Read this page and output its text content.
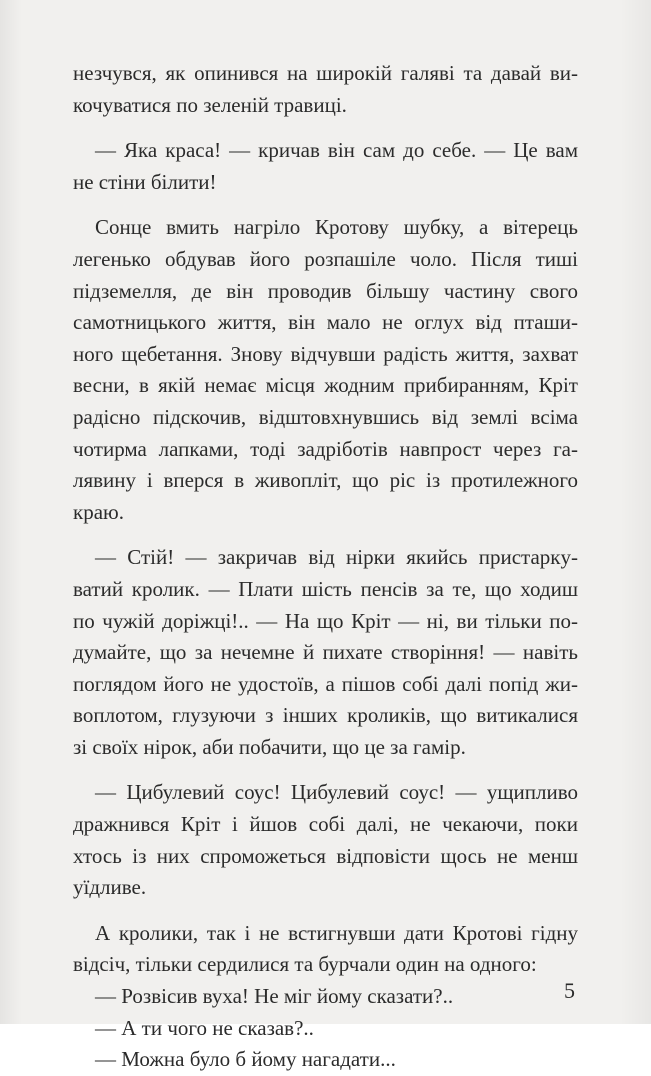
незчувся, як опинився на широкій галяві та давай ви-
кочуватися по зеленій травиці.
— Яка краса! — кричав він сам до себе. — Це вам
не стіни білити!
Сонце вмить нагріло Кротову шубку, а вітерець
легенько обдував його розпашіле чоло. Після тиші
підземелля, де він проводив більшу частину свого
самотницького життя, він мало не оглух від пташи-
ного щебетання. Знову відчувши радість життя, захват
весни, в якій немає місця жодним прибиранням, Кріт
радісно підскочив, відштовхнувшись від землі всіма
чотирма лапками, тоді задріботів навпрост через га-
лявину і вперся в живопліт, що ріс із протилежного
краю.
— Стій! — закричав від нірки якийсь пристаркy-
ватий кролик. — Плати шість пенсів за те, що ходиш
по чужій доріжці!.. — На що Кріт — ні, ви тільки по-
думайте, що за нечемне й пихате створіння! — навіть
поглядом його не удостоїв, а пішов собі далі попід жи-
вoплотом, глузуючи з інших кроликів, що витикалися
зі своїх нірок, аби побачити, що це за гамір.
— Цибулевий соус! Цибулевий соус! — ущипливо
дражнився Кріт і йшов собі далі, не чекаючи, поки
хтось із них спроможеться відповісти щось не менш
уїдливе.
А кролики, так і не встигнувши дати Кротові гідну
відсіч, тільки сердилися та бурчали один на одного:
— Розвісив вуха! Не міг йому сказати?..
— А ти чого не сказав?..
— Можна було б йому нагадати...
5
